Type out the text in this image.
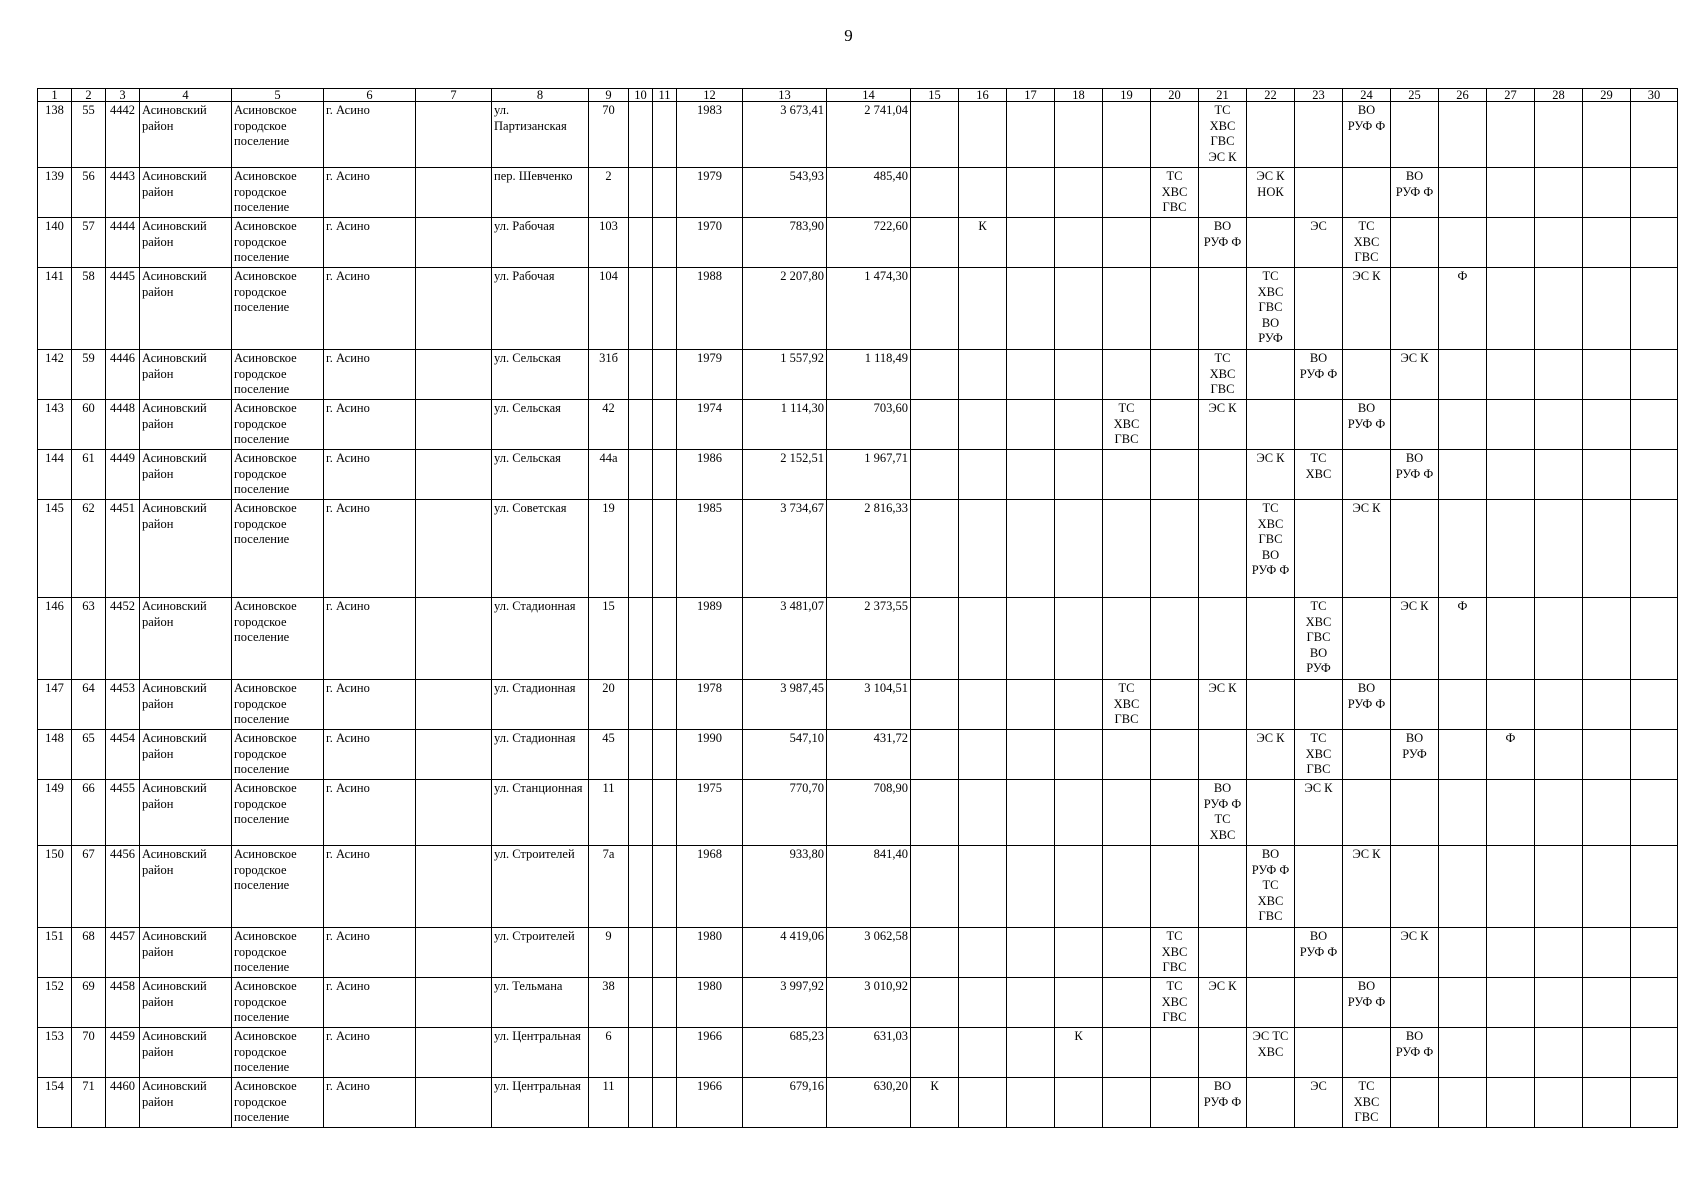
9
1	2	3	4	5	6	7	8	9	10	11	12	13	14	15	16	17	18	19	20	21	22	23	24	25	26	27	28	29	30
138	55	4442	Асиновский
район	Асиновское
городское
поселение	г. Асино		ул.
Партизанская	70			1983	3 673,41	2 741,04							ТС
ХВС
ГВС
ЭС К			ВО
РУФ Ф						
139	56	4443	Асиновский
район	Асиновское
городское
поселение	г. Асино		пер. Шевченко	2			1979	543,93	485,40						ТС
ХВС
ГВС		ЭС К
НОК			ВО
РУФ Ф					
140	57	4444	Асиновский
район	Асиновское
городское
поселение	г. Асино		ул. Рабочая	103			1970	783,90	722,60		К					ВО
РУФ Ф		ЭС	ТС
ХВС
ГВС						
141	58	4445	Асиновский
район	Асиновское
городское
поселение	г. Асино		ул. Рабочая	104			1988	2 207,80	1 474,30								ТС
ХВС
ГВС
ВО
РУФ		ЭС К		Ф				
142	59	4446	Асиновский
район	Асиновское
городское
поселение	г. Асино		ул. Сельская	31б			1979	1 557,92	1 118,49							ТС
ХВС
ГВС		ВО
РУФ Ф		ЭС К					
143	60	4448	Асиновский
район	Асиновское
городское
поселение	г. Асино		ул. Сельская	42			1974	1 114,30	703,60					ТС
ХВС
ГВС		ЭС К			ВО
РУФ Ф						
144	61	4449	Асиновский
район	Асиновское
городское
поселение	г. Асино		ул. Сельская	44а			1986	2 152,51	1 967,71								ЭС К	ТС
ХВС		ВО
РУФ Ф					
145	62	4451	Асиновский
район	Асиновское
городское
поселение	г. Асино		ул. Советская	19			1985	3 734,67	2 816,33								ТС
ХВС
ГВС
ВО
РУФ Ф		ЭС К						
146	63	4452	Асиновский
район	Асиновское
городское
поселение	г. Асино		ул. Стадионная	15			1989	3 481,07	2 373,55									ТС
ХВС
ГВС
ВО
РУФ		ЭС К	Ф				
147	64	4453	Асиновский
район	Асиновское
городское
поселение	г. Асино		ул. Стадионная	20			1978	3 987,45	3 104,51					ТС
ХВС
ГВС		ЭС К			ВО
РУФ Ф						
148	65	4454	Асиновский
район	Асиновское
городское
поселение	г. Асино		ул. Стадионная	45			1990	547,10	431,72								ЭС К	ТС
ХВС
ГВС		ВО
РУФ		Ф			
149	66	4455	Асиновский
район	Асиновское
городское
поселение	г. Асино		ул. Станционная	11			1975	770,70	708,90							ВО
РУФ Ф
ТС
ХВС		ЭС К							
150	67	4456	Асиновский
район	Асиновское
городское
поселение	г. Асино		ул. Строителей	7а			1968	933,80	841,40								ВО
РУФ Ф
ТС
ХВС
ГВС		ЭС К						
151	68	4457	Асиновский
район	Асиновское
городское
поселение	г. Асино		ул. Строителей	9			1980	4 419,06	3 062,58						ТС
ХВС
ГВС			ВО
РУФ Ф		ЭС К					
152	69	4458	Асиновский
район	Асиновское
городское
поселение	г. Асино		ул. Тельмана	38			1980	3 997,92	3 010,92						ТС
ХВС
ГВС	ЭС К			ВО
РУФ Ф						
153	70	4459	Асиновский
район	Асиновское
городское
поселение	г. Асино		ул. Центральная	6			1966	685,23	631,03				К				ЭС ТС
ХВС			ВО
РУФ Ф					
154	71	4460	Асиновский
район	Асиновское
городское
поселение	г. Асино		ул. Центральная	11			1966	679,16	630,20	К						ВО
РУФ Ф		ЭС	ТС
ХВС
ГВС						
